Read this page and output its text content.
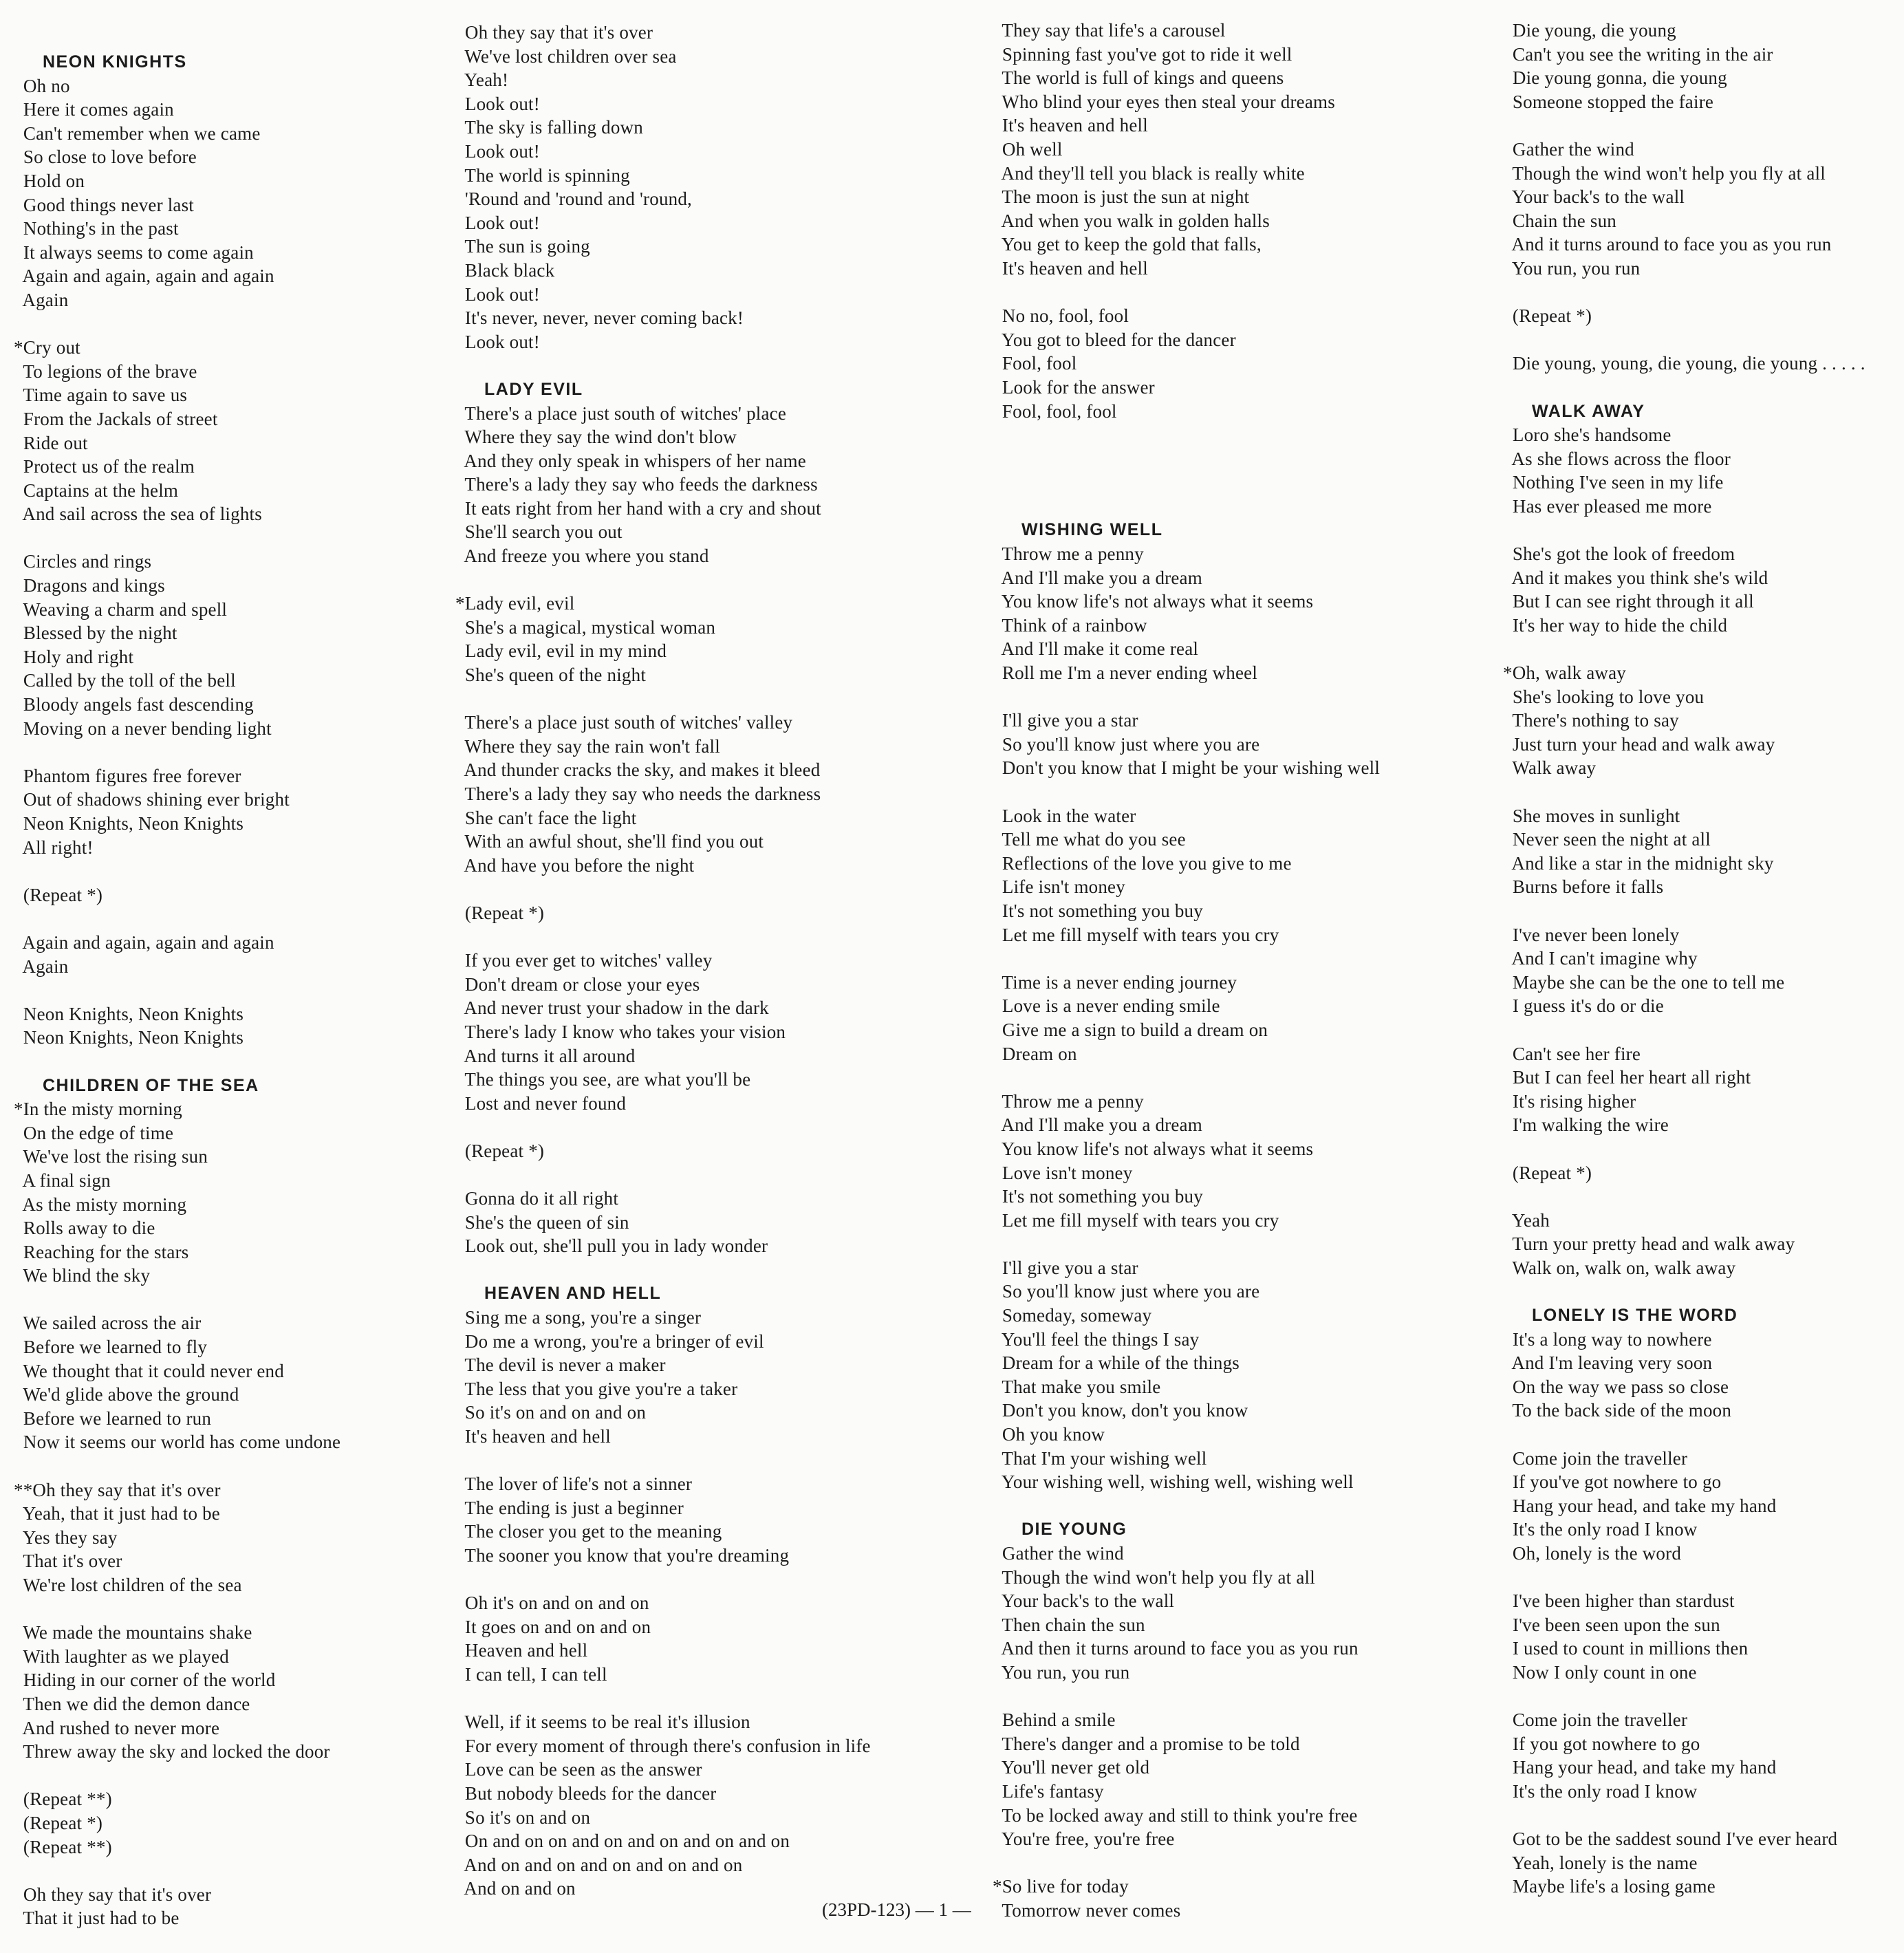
NEON KNIGHTS
Oh no
Here it comes again
Can't remember when we came
So close to love before
Hold on
Good things never last
Nothing's in the past
It always seems to come again
Again and again, again and again
Again
*Cry out
To legions of the brave
Time again to save us
From the Jackals of street
Ride out
Protect us of the realm
Captains at the helm
And sail across the sea of lights
Circles and rings
Dragons and kings
Weaving a charm and spell
Blessed by the night
Holy and right
Called by the toll of the bell
Bloody angels fast descending
Moving on a never bending light
Phantom figures free forever
Out of shadows shining ever bright
Neon Knights, Neon Knights
All right!
(Repeat *)
Again and again, again and again
Again
Neon Knights, Neon Knights
Neon Knights, Neon Knights
CHILDREN OF THE SEA
*In the misty morning
On the edge of time
We've lost the rising sun
A final sign
As the misty morning
Rolls away to die
Reaching for the stars
We blind the sky
We sailed across the air
Before we learned to fly
We thought that it could never end
We'd glide above the ground
Before we learned to run
Now it seems our world has come undone
**Oh they say that it's over
Yeah, that it just had to be
Yes they say
That it's over
We're lost children of the sea
We made the mountains shake
With laughter as we played
Hiding in our corner of the world
Then we did the demon dance
And rushed to never more
Threw away the sky and locked the door
(Repeat **)
(Repeat *)
(Repeat **)
Oh they say that it's over
That it just had to be
Oh they say that it's over
We've lost children over sea
Yeah!
Look out!
The sky is falling down
Look out!
The world is spinning
'Round and 'round and 'round,
Look out!
The sun is going
Black black
Look out!
It's never, never, never coming back!
Look out!
LADY EVIL
There's a place just south of witches' place
Where they say the wind don't blow
And they only speak in whispers of her name
There's a lady they say who feeds the darkness
It eats right from her hand with a cry and shout
She'll search you out
And freeze you where you stand
*Lady evil, evil
She's a magical, mystical woman
Lady evil, evil in my mind
She's queen of the night
There's a place just south of witches' valley
Where they say the rain won't fall
And thunder cracks the sky, and makes it bleed
There's a lady they say who needs the darkness
She can't face the light
With an awful shout, she'll find you out
And have you before the night
(Repeat *)
If you ever get to witches' valley
Don't dream or close your eyes
And never trust your shadow in the dark
There's lady I know who takes your vision
And turns it all around
The things you see, are what you'll be
Lost and never found
(Repeat *)
Gonna do it all right
She's the queen of sin
Look out, she'll pull you in lady wonder
HEAVEN AND HELL
Sing me a song, you're a singer
Do me a wrong, you're a bringer of evil
The devil is never a maker
The less that you give you're a taker
So it's on and on and on
It's heaven and hell
The lover of life's not a sinner
The ending is just a beginner
The closer you get to the meaning
The sooner you know that you're dreaming
Oh it's on and on and on
It goes on and on and on
Heaven and hell
I can tell, I can tell
Well, if it seems to be real it's illusion
For every moment of through there's confusion in life
Love can be seen as the answer
But nobody bleeds for the dancer
So it's on and on
On and on on and on and on and on and on
And on and on and on and on and on
And on and on
They say that life's a carousel
Spinning fast you've got to ride it well
The world is full of kings and queens
Who blind your eyes then steal your dreams
It's heaven and hell
Oh well
And they'll tell you black is really white
The moon is just the sun at night
And when you walk in golden halls
You get to keep the gold that falls,
It's heaven and hell
No no, fool, fool
You got to bleed for the dancer
Fool, fool
Look for the answer
Fool, fool, fool
WISHING WELL
Throw me a penny
And I'll make you a dream
You know life's not always what it seems
Think of a rainbow
And I'll make it come real
Roll me I'm a never ending wheel
I'll give you a star
So you'll know just where you are
Don't you know that I might be your wishing well
Look in the water
Tell me what do you see
Reflections of the love you give to me
Life isn't money
It's not something you buy
Let me fill myself with tears you cry
Time is a never ending journey
Love is a never ending smile
Give me a sign to build a dream on
Dream on
Throw me a penny
And I'll make you a dream
You know life's not always what it seems
Love isn't money
It's not something you buy
Let me fill myself with tears you cry
I'll give you a star
So you'll know just where you are
Someday, someway
You'll feel the things I say
Dream for a while of the things
That make you smile
Don't you know, don't you know
Oh you know
That I'm your wishing well
Your wishing well, wishing well, wishing well
DIE YOUNG
Gather the wind
Though the wind won't help you fly at all
Your back's to the wall
Then chain the sun
And then it turns around to face you as you run
You run, you run
Behind a smile
There's danger and a promise to be told
You'll never get old
Life's fantasy
To be locked away and still to think you're free
You're free, you're free
*So live for today
Tomorrow never comes
Die young, die young
Can't you see the writing in the air
Die young gonna, die young
Someone stopped the faire
Gather the wind
Though the wind won't help you fly at all
Your back's to the wall
Chain the sun
And it turns around to face you as you run
You run, you run
(Repeat *)
Die young, young, die young, die young . . . . .
WALK AWAY
Loro she's handsome
As she flows across the floor
Nothing I've seen in my life
Has ever pleased me more
She's got the look of freedom
And it makes you think she's wild
But I can see right through it all
It's her way to hide the child
*Oh, walk away
She's looking to love you
There's nothing to say
Just turn your head and walk away
Walk away
She moves in sunlight
Never seen the night at all
And like a star in the midnight sky
Burns before it falls
I've never been lonely
And I can't imagine why
Maybe she can be the one to tell me
I guess it's do or die
Can't see her fire
But I can feel her heart all right
It's rising higher
I'm walking the wire
(Repeat *)
Yeah
Turn your pretty head and walk away
Walk on, walk on, walk away
LONELY IS THE WORD
It's a long way to nowhere
And I'm leaving very soon
On the way we pass so close
To the back side of the moon
Come join the traveller
If you've got nowhere to go
Hang your head, and take my hand
It's the only road I know
Oh, lonely is the word
I've been higher than stardust
I've been seen upon the sun
I used to count in millions then
Now I only count in one
Come join the traveller
If you got nowhere to go
Hang your head, and take my hand
It's the only road I know
Got to be the saddest sound I've ever heard
Yeah, lonely is the name
Maybe life's a losing game
(23PD-123) — 1 —
